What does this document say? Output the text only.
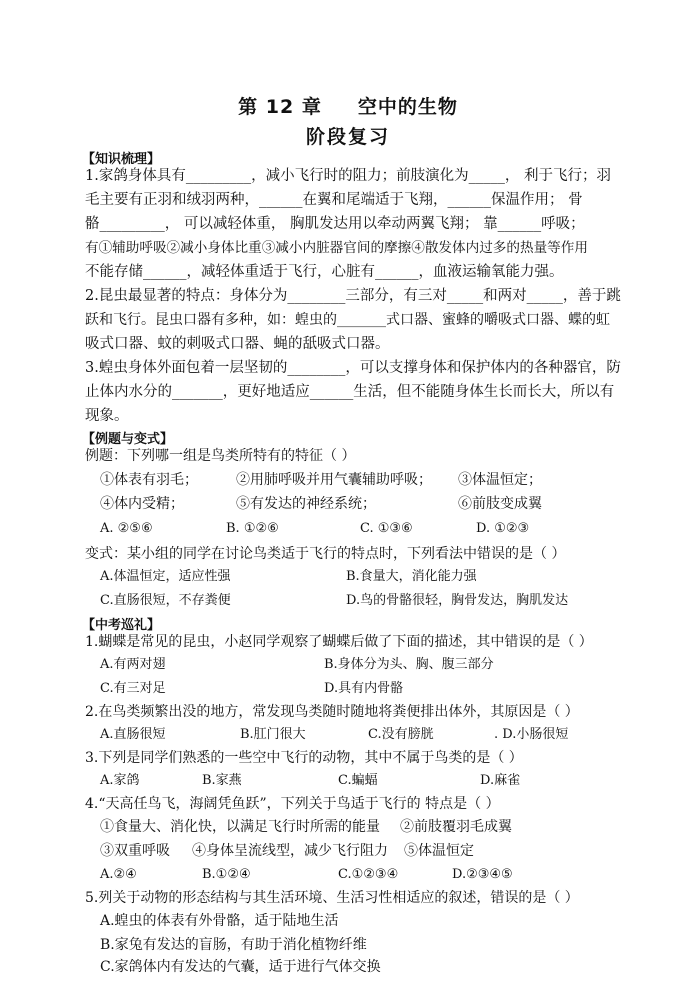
第 12 章 空中的生物
阶段复习
【知识梳理】
1.家鸽身体具有_________，减小飞行时的阻力；前肢演化为_____， 利于飞行；羽
毛主要有正羽和绒羽两种，______在翼和尾端适于飞翔，______保温作用； 骨
骼_________， 可以减轻体重， 胸肌发达用以牵动两翼飞翔； 靠______呼吸；
有①辅助呼吸②减小身体比重③减小内脏器官间的摩擦④散发体内过多的热量等作用
不能存储______，减轻体重适于飞行，心脏有______，血液运输氧能力强。
2.昆虫最显著的特点：身体分为________三部分，有三对_____和两对_____，善于跳
跃和飞行。昆虫口器有多种，如：蝗虫的_______式口器、蜜蜂的嚼吸式口器、蝶的虹
吸式口器、蚊的刺吸式口器、蝇的舐吸式口器。
3.蝗虫身体外面包着一层坚韧的________，可以支撑身体和保护体内的各种器官，防
止体内水分的_______，更好地适应______生活，但不能随身体生长而长大，所以有
现象。
【例题与变式】
例题：下列哪一组是鸟类所特有的特征（ ）
①体表有羽毛；	②用肺呼吸并用气囊辅助呼吸； ③体温恒定；
④体内受精；	⑤有发达的神经系统；	⑥前肢变成翼
A. ②⑤⑥	B. ①②⑥	C. ①③⑥	D. ①②③
变式：某小组的同学在讨论鸟类适于飞行的特点时，下列看法中错误的是（ ）
A.体温恒定，适应性强	B.食量大，消化能力强
C.直肠很短，不存粪便	D.鸟的骨骼很轻，胸骨发达，胸肌发达
【中考巡礼】
1.蝴蝶是常见的昆虫，小赵同学观察了蝴蝶后做了下面的描述，其中错误的是（ ）
A.有两对翅	B.身体分为头、胸、腹三部分
C.有三对足	D.具有内骨骼
2.在鸟类频繁出没的地方，常发现鸟类随时随地将粪便排出体外，其原因是（ ）
A.直肠很短	B.肛门很大	C.没有膀胱	. D.小肠很短
3.下列是同学们熟悉的一些空中飞行的动物，其中不属于鸟类的是（ ）
A.家鸽	B.家燕	C.蝙蝠	D.麻雀
4.“天高任鸟飞，海阔凭鱼跃”，下列关于鸟适于飞行的 特点是（ ）
①食量大、消化快，以满足飞行时所需的能量 ②前肢覆羽毛成翼
③双重呼吸 ④身体呈流线型，减少飞行阻力 ⑤体温恒定
A.②④	B.①②④	C.①②③④	D.②③④⑤
5.列关于动物的形态结构与其生活环境、生活习性相适应的叙述，错误的是（ ）
A.蝗虫的体表有外骨骼，适于陆地生活
B.家兔有发达的盲肠，有助于消化植物纤维
C.家鸽体内有发达的气囊，适于进行气体交换
